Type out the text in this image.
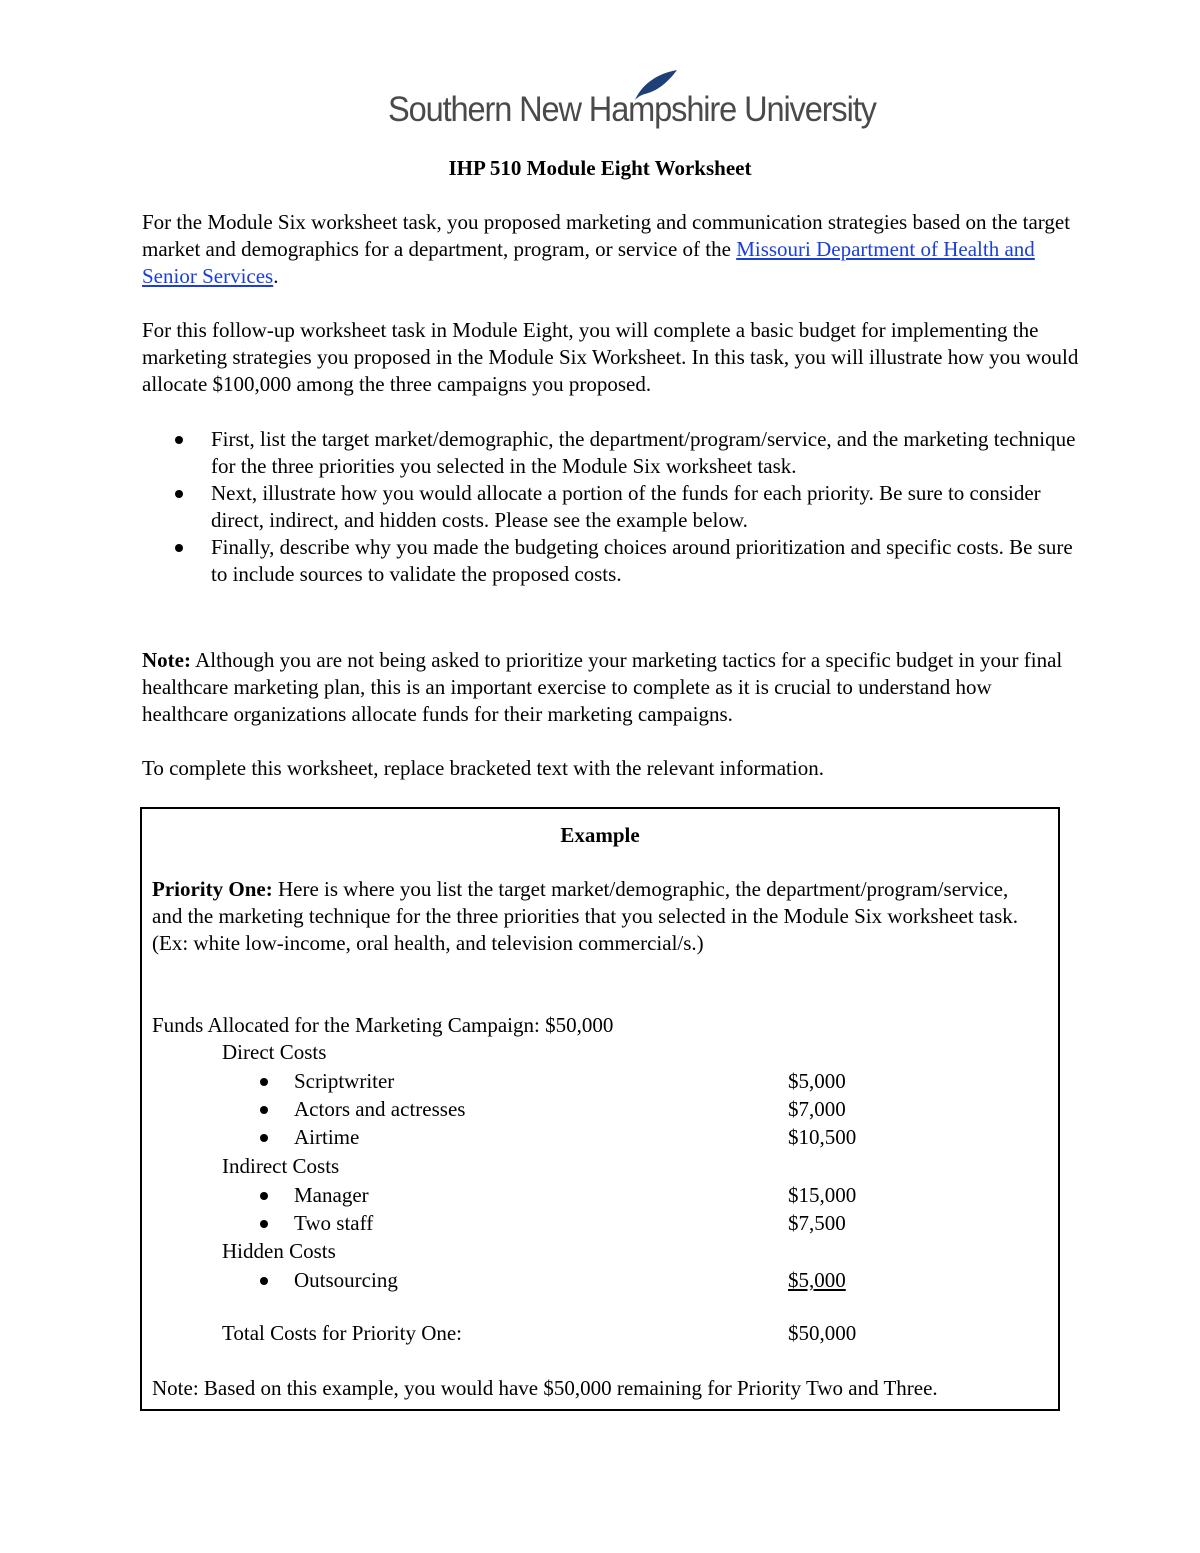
Southern New Hampshire University
IHP 510 Module Eight Worksheet

For the Module Six worksheet task, you proposed marketing and communication strategies based on the target market and demographics for a department, program, or service of the Missouri Department of Health and Senior Services.

For this follow-up worksheet task in Module Eight, you will complete a basic budget for implementing the marketing strategies you proposed in the Module Six Worksheet. In this task, you will illustrate how you would allocate $100,000 among the three campaigns you proposed.

First, list the target market/demographic, the department/program/service, and the marketing technique for the three priorities you selected in the Module Six worksheet task.
Next, illustrate how you would allocate a portion of the funds for each priority. Be sure to consider direct, indirect, and hidden costs. Please see the example below.
Finally, describe why you made the budgeting choices around prioritization and specific costs. Be sure to include sources to validate the proposed costs.

Note: Although you are not being asked to prioritize your marketing tactics for a specific budget in your final healthcare marketing plan, this is an important exercise to complete as it is crucial to understand how healthcare organizations allocate funds for their marketing campaigns.

To complete this worksheet, replace bracketed text with the relevant information.

Example

Priority One: Here is where you list the target market/demographic, the department/program/service, and the marketing technique for the three priorities that you selected in the Module Six worksheet task. (Ex: white low-income, oral health, and television commercial/s.)

Funds Allocated for the Marketing Campaign: $50,000
Direct Costs
Scriptwriter	$5,000
Actors and actresses	$7,000
Airtime	$10,500
Indirect Costs
Manager	$15,000
Two staff	$7,500
Hidden Costs
Outsourcing	$5,000
Total Costs for Priority One:	$50,000
Note: Based on this example, you would have $50,000 remaining for Priority Two and Three.
